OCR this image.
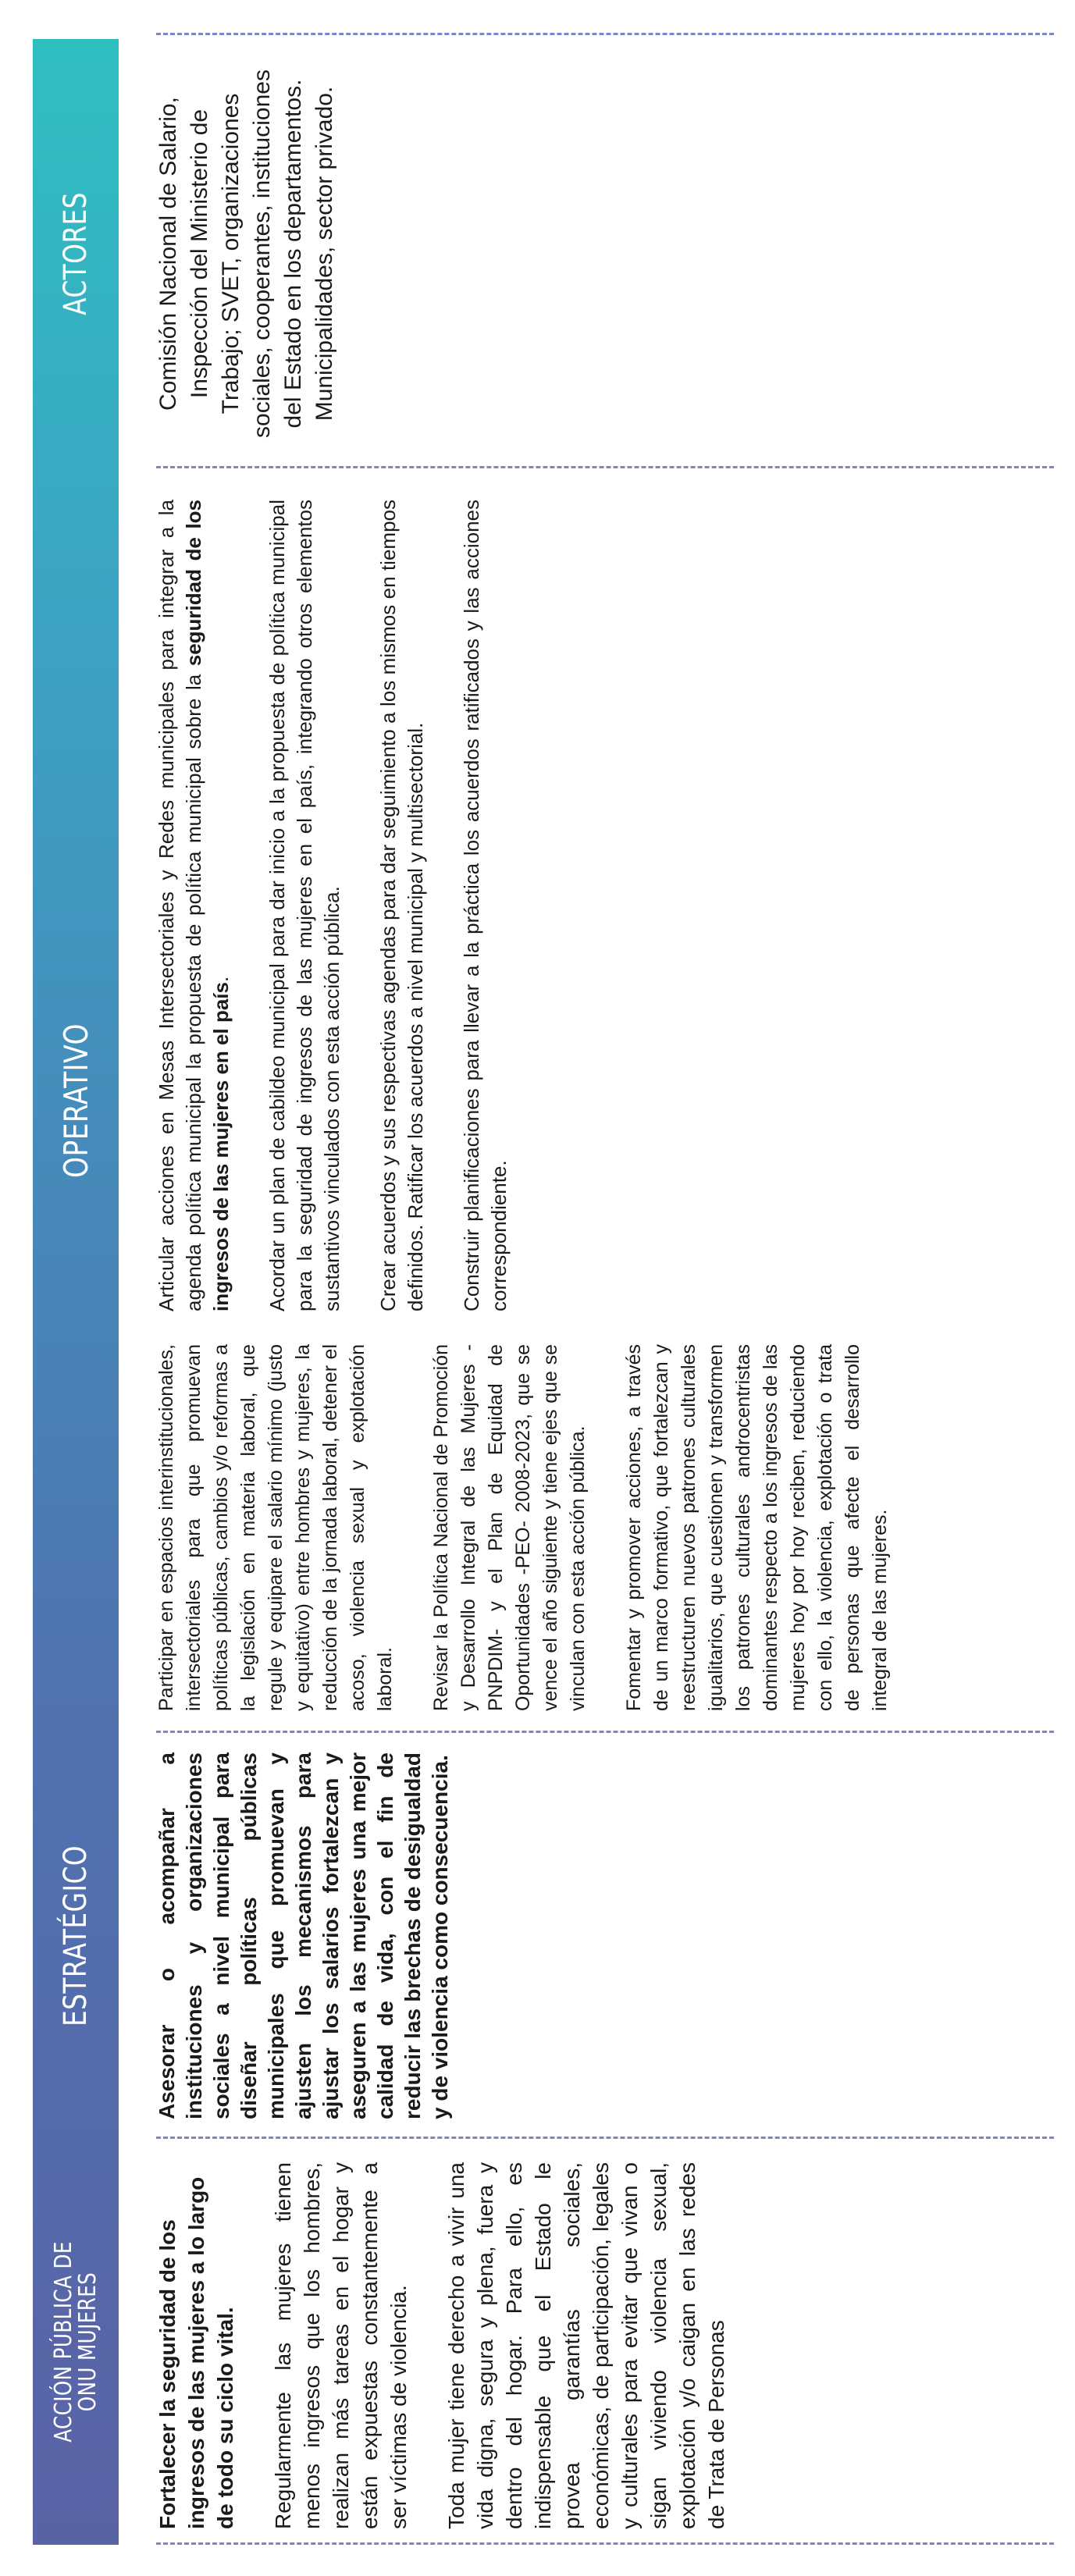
ACCIÓN PÚBLICA DE
ONU MUJERES
ESTRATÉGICO
OPERATIVO
ACTORES

Fortalecer la seguridad de los ingresos de las mujeres a lo largo de todo su ciclo vital. Regularmente las mujeres tienen menos ingresos que los hombres, realizan más tareas en el hogar y están expuestas constantemente a ser víctimas de violencia. Toda mujer tiene derecho a vivir una vida digna, segura y plena, fuera y dentro del hogar. Para ello, es indispensable que el Estado le provea garantías sociales, económicas, de participación, legales y culturales para evitar que vivan o sigan viviendo violencia sexual, explotación y/o caigan en las redes de Trata de Personas

Asesorar o acompañar a instituciones y organizaciones sociales a nivel municipal para diseñar políticas públicas municipales que promuevan y ajusten los mecanismos para ajustar los salarios fortalezcan y aseguren a las mujeres una mejor calidad de vida, con el fin de reducir las brechas de desigualdad y de violencia como consecuencia.

Participar en espacios interinstitucionales, intersectoriales para que promuevan políticas públicas, cambios y/o reformas a la legislación en materia laboral, que regule y equipare el salario mínimo (justo y equitativo) entre hombres y mujeres, la reducción de la jornada laboral, detener el acoso, violencia sexual y explotación laboral. Revisar la Política Nacional de Promoción y Desarrollo Integral de las Mujeres -PNPDIM- y el Plan de Equidad de Oportunidades -PEO- 2008-2023, que se vence el año siguiente y tiene ejes que se vinculan con esta acción pública. Fomentar y promover acciones, a través de un marco formativo, que fortalezcan y reestructuren nuevos patrones culturales igualitarios, que cuestionen y transformen los patrones culturales androcentristas dominantes respecto a los ingresos de las mujeres hoy por hoy reciben, reduciendo con ello, la violencia, explotación o trata de personas que afecte el desarrollo integral de las mujeres.

Articular acciones en Mesas Intersectoriales y Redes municipales para integrar a la agenda política municipal la propuesta de política municipal sobre la seguridad de los ingresos de las mujeres en el país. Acordar un plan de cabildeo municipal para dar inicio a la propuesta de política municipal para la seguridad de ingresos de las mujeres en el país, integrando otros elementos sustantivos vinculados con esta acción pública. Crear acuerdos y sus respectivas agendas para dar seguimiento a los mismos en tiempos definidos. Ratificar los acuerdos a nivel municipal y multisectorial. Construir planificaciones para llevar a la práctica los acuerdos ratificados y las acciones correspondiente.

Comisión Nacional de Salario, Inspección del Ministerio de Trabajo; SVET, organizaciones sociales, cooperantes, instituciones del Estado en los departamentos. Municipalidades, sector privado.
